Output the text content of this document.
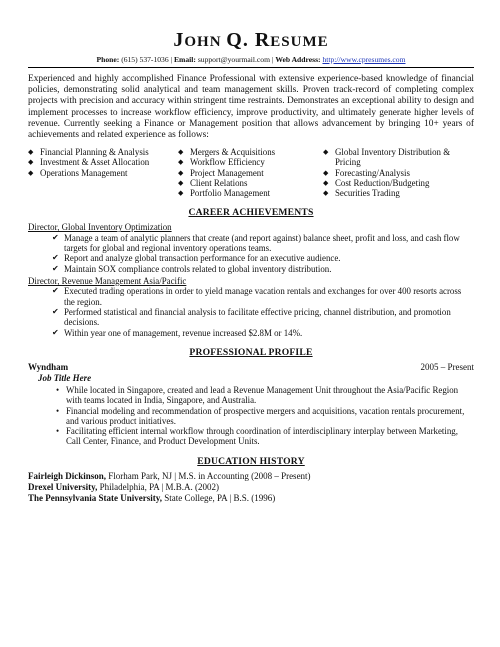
JOHN Q. RESUME
Phone: (615) 537-1036 | Email: support@yourmail.com | Web Address: http://www.cpresumes.com
Experienced and highly accomplished Finance Professional with extensive experience-based knowledge of financial policies, demonstrating solid analytical and team management skills. Proven track-record of completing complex projects with precision and accuracy within stringent time restraints. Demonstrates an exceptional ability to design and implement processes to increase workflow efficiency, improve productivity, and ultimately generate higher levels of revenue. Currently seeking a Finance or Management position that allows advancement by bringing 10+ years of achievements and related experience as follows:
◆ Financial Planning & Analysis
◆ Investment & Asset Allocation
◆ Operations Management
◆ Mergers & Acquisitions
◆ Workflow Efficiency
◆ Project Management
◆ Client Relations
◆ Portfolio Management
◆ Global Inventory Distribution & Pricing
◆ Forecasting/Analysis
◆ Cost Reduction/Budgeting
◆ Securities Trading
CAREER ACHIEVEMENTS
Director, Global Inventory Optimization
✔ Manage a team of analytic planners that create (and report against) balance sheet, profit and loss, and cash flow targets for global and regional inventory operations teams.
✔ Report and analyze global transaction performance for an executive audience.
✔ Maintain SOX compliance controls related to global inventory distribution.
Director, Revenue Management Asia/Pacific
✔ Executed trading operations in order to yield manage vacation rentals and exchanges for over 400 resorts across the region.
✔ Performed statistical and financial analysis to facilitate effective pricing, channel distribution, and promotion decisions.
✔ Within year one of management, revenue increased $2.8M or 14%.
PROFESSIONAL PROFILE
Wyndham	2005 – Present
Job Title Here
• While located in Singapore, created and lead a Revenue Management Unit throughout the Asia/Pacific Region with teams located in India, Singapore, and Australia.
• Financial modeling and recommendation of prospective mergers and acquisitions, vacation rentals procurement, and various product initiatives.
• Facilitating efficient internal workflow through coordination of interdisciplinary interplay between Marketing, Call Center, Finance, and Product Development Units.
EDUCATION HISTORY
Fairleigh Dickinson, Florham Park, NJ | M.S. in Accounting (2008 – Present)
Drexel University, Philadelphia, PA | M.B.A. (2002)
The Pennsylvania State University, State College, PA | B.S. (1996)
